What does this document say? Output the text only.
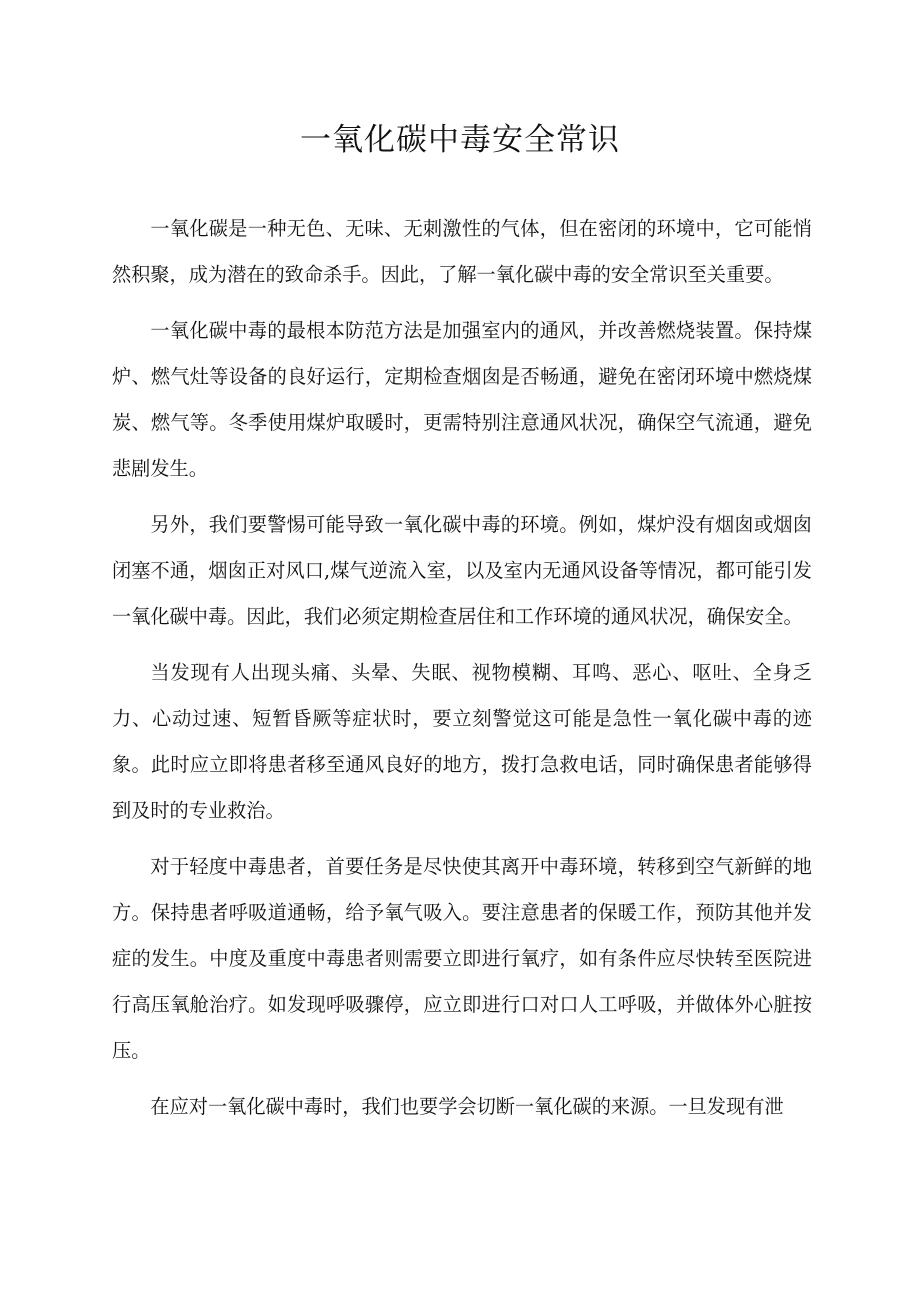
一氧化碳中毒安全常识

一氧化碳是一种无色、无味、无刺激性的气体，但在密闭的环境中，它可能悄然积聚，成为潜在的致命杀手。因此，了解一氧化碳中毒的安全常识至关重要。

一氧化碳中毒的最根本防范方法是加强室内的通风，并改善燃烧装置。保持煤炉、燃气灶等设备的良好运行，定期检查烟囱是否畅通，避免在密闭环境中燃烧煤炭、燃气等。冬季使用煤炉取暖时，更需特别注意通风状况，确保空气流通，避免悲剧发生。

另外，我们要警惕可能导致一氧化碳中毒的环境。例如，煤炉没有烟囱或烟囱闭塞不通，烟囱正对风口,煤气逆流入室，以及室内无通风设备等情况，都可能引发一氧化碳中毒。因此，我们必须定期检查居住和工作环境的通风状况，确保安全。

当发现有人出现头痛、头晕、失眠、视物模糊、耳鸣、恶心、呕吐、全身乏力、心动过速、短暂昏厥等症状时，要立刻警觉这可能是急性一氧化碳中毒的迹象。此时应立即将患者移至通风良好的地方，拨打急救电话，同时确保患者能够得到及时的专业救治。

对于轻度中毒患者，首要任务是尽快使其离开中毒环境，转移到空气新鲜的地方。保持患者呼吸道通畅，给予氧气吸入。要注意患者的保暖工作，预防其他并发症的发生。中度及重度中毒患者则需要立即进行氧疗，如有条件应尽快转至医院进行高压氧舱治疗。如发现呼吸骤停，应立即进行口对口人工呼吸，并做体外心脏按压。

在应对一氧化碳中毒时，我们也要学会切断一氧化碳的来源。一旦发现有泄
